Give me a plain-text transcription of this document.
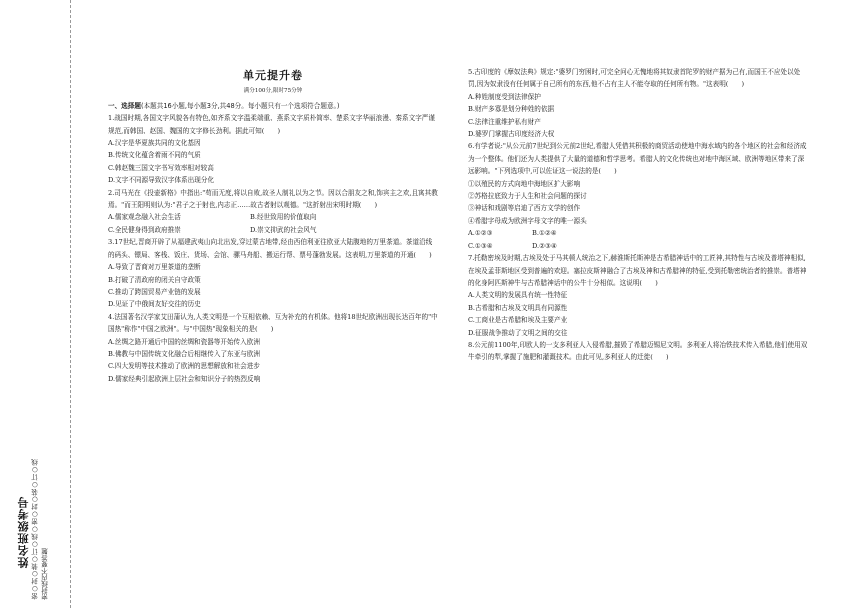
姓名班级考号 密○封○装○订○线○密○封○装○订○线 密封线内不要答题
单元提升卷
满分100分,限时75分钟

一、选择题(本题共16小题,每小题3分,共48分。每小题只有一个选项符合题意。)

1.战国时期,各国文字风貌各有特色,如齐系文字温柔端重、燕系文字质朴简率、楚系文字华丽浪漫、秦系文字严谨规范,而韩国、赵国、魏国的文字修长劲利。据此可知(　　)

A.汉字是华夏族共同的文化基因

B.传统文化蕴含着雨不同的气质

C.韩赵魏三国文字书写效率相对较高

D.文字不同源导致汉字体系出现分化

2.司马光在《投壶新格》中指出:"苟而无度,将以自败,故圣人制礼以为之节。因以合朋友之和,饰宾主之欢,且寓其教焉。"而王阳明则认为:"君子之于射也,内志正……故古者射以观德。"这折射出宋明时期(　　)

A.儒家观念融入社会生活	B.经世致用的价值取向

C.全民健身得到政府推崇	D.崇文抑武的社会风气

3.17世纪,晋商开辟了从福建武夷山向北出发,穿过蒙古地带,经由西伯利亚往欧亚大陆腹地的万里茶道。茶道沿线的码头、镖局、客栈、饭庄、货场、会馆、骡马舟船、搬运行帮、票号蓬勃发展。这表明,万里茶道的开通(　　)

A.导致了晋商对万里茶道的垄断

B.打破了清政府的闭关自守政策

C.推动了跨国贸易产业链的发展

D.见证了中俄间友好交往的历史

4.法国著名汉学家艾田蒲认为,人类文明是一个互相依赖、互为补充的有机体。他将18世纪欧洲出现长达百年的"中国热"称作"中国之欧洲"。与"中国热"现象相关的是(　　)

A.丝绸之路开通后中国的丝绸和瓷器等开始传入欧洲

B.佛教与中国传统文化融合后相继传入了东亚与欧洲

C.四大发明等技术推动了欧洲的思想解放和社会进步

D.儒家经典引起欧洲上层社会和知识分子的热烈反响

5.古印度的《摩奴法典》规定:"婆罗门穷困时,可完全问心无愧地将其奴隶首陀罗的财产据为己有,而国王不应处以处罚,因为奴隶没有任何属于自己所有的东西,他不占有主人不能夺取的任何所有物。"这表明(　　)

A.种姓制度受到法律保护

B.财产多寡是划分种姓的依据

C.法律注重维护私有财产

D.婆罗门掌握古印度经济大权

6.有学者说:"从公元前7世纪到公元前2世纪,希腊人凭借其积极的商贸活动使地中海水域内的各个地区的社会和经济成为一个整体。他们还为人类提供了大量的道德和哲学思考。希腊人的文化传统也对地中海区域、欧洲等地区带来了深远影响。"下列选项中,可以佐证这一说法的是(　　)

①以殖民的方式向地中海地区扩大影响

②苏格拉底致力于人生和社会问题的探讨

③神话和戏剧等启迪了西方文学的创作

④希腊字母成为欧洲字母文字的唯一源头

A.①②③	B.①②④

C.①③④	D.②③④

7.托勒密埃及时期,古埃及处于马其顿人统治之下,赫淮斯托斯神是古希腊神话中的工匠神,其特性与古埃及普塔神相似,在埃及孟菲斯地区受到普遍的欢迎。塞拉皮斯神融合了古埃及神和古希腊神的特征,受到托勒密统治者的推崇。普塔神的化身阿匹斯神牛与古希腊神话中的公牛十分相似。这说明(　　)

A.人类文明的发展具有统一性特征

B.古希腊和古埃及文明具有同源性

C.工商业是古希腊和埃及主要产业

D.征服战争推动了文明之间的交往

8.公元前1100年,印欧人的一支多利亚人入侵希腊,摧毁了希腊迈锡尼文明。多利亚人将冶铁技术传入希腊,他们使用双牛牵引的犁,掌握了施肥和灌溉技术。由此可见,多利亚人的迁徙(　　)
